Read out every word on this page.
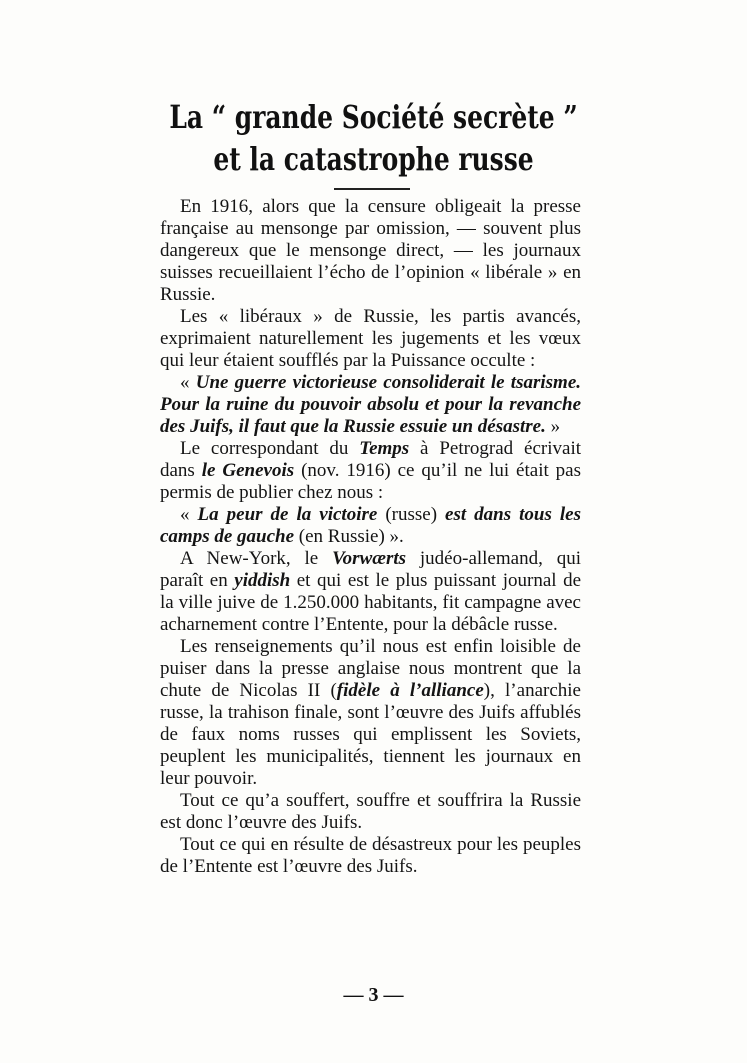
La “ grande Société secrète ”
et la catastrophe russe

En 1916, alors que la censure obligeait la presse française au mensonge par omission, — souvent plus dangereux que le mensonge direct, — les journaux suisses recueillaient l’écho de l’opinion « libérale » en Russie.

Les « libéraux » de Russie, les partis avancés, exprimaient naturellement les jugements et les vœux qui leur étaient soufflés par la Puissance occulte :

« Une guerre victorieuse consoliderait le tsarisme. Pour la ruine du pouvoir absolu et pour la revanche des Juifs, il faut que la Russie essuie un désastre. »

Le correspondant du Temps à Petrograd écrivait dans le Genevois (nov. 1916) ce qu’il ne lui était pas permis de publier chez nous :

« La peur de la victoire (russe) est dans tous les camps de gauche (en Russie) ».

A New-York, le Vorwærts judéo-allemand, qui paraît en yiddish et qui est le plus puissant journal de la ville juive de 1.250.000 habitants, fit campagne avec acharnement contre l’Entente, pour la débâcle russe.

Les renseignements qu’il nous est enfin loisible de puiser dans la presse anglaise nous montrent que la chute de Nicolas II (fidèle à l’alliance), l’anarchie russe, la trahison finale, sont l’œuvre des Juifs affublés de faux noms russes qui emplissent les Soviets, peuplent les municipalités, tiennent les journaux en leur pouvoir.

Tout ce qu’a souffert, souffre et souffrira la Russie est donc l’œuvre des Juifs.

Tout ce qui en résulte de désastreux pour les peuples de l’Entente est l’œuvre des Juifs.

— 3 —
